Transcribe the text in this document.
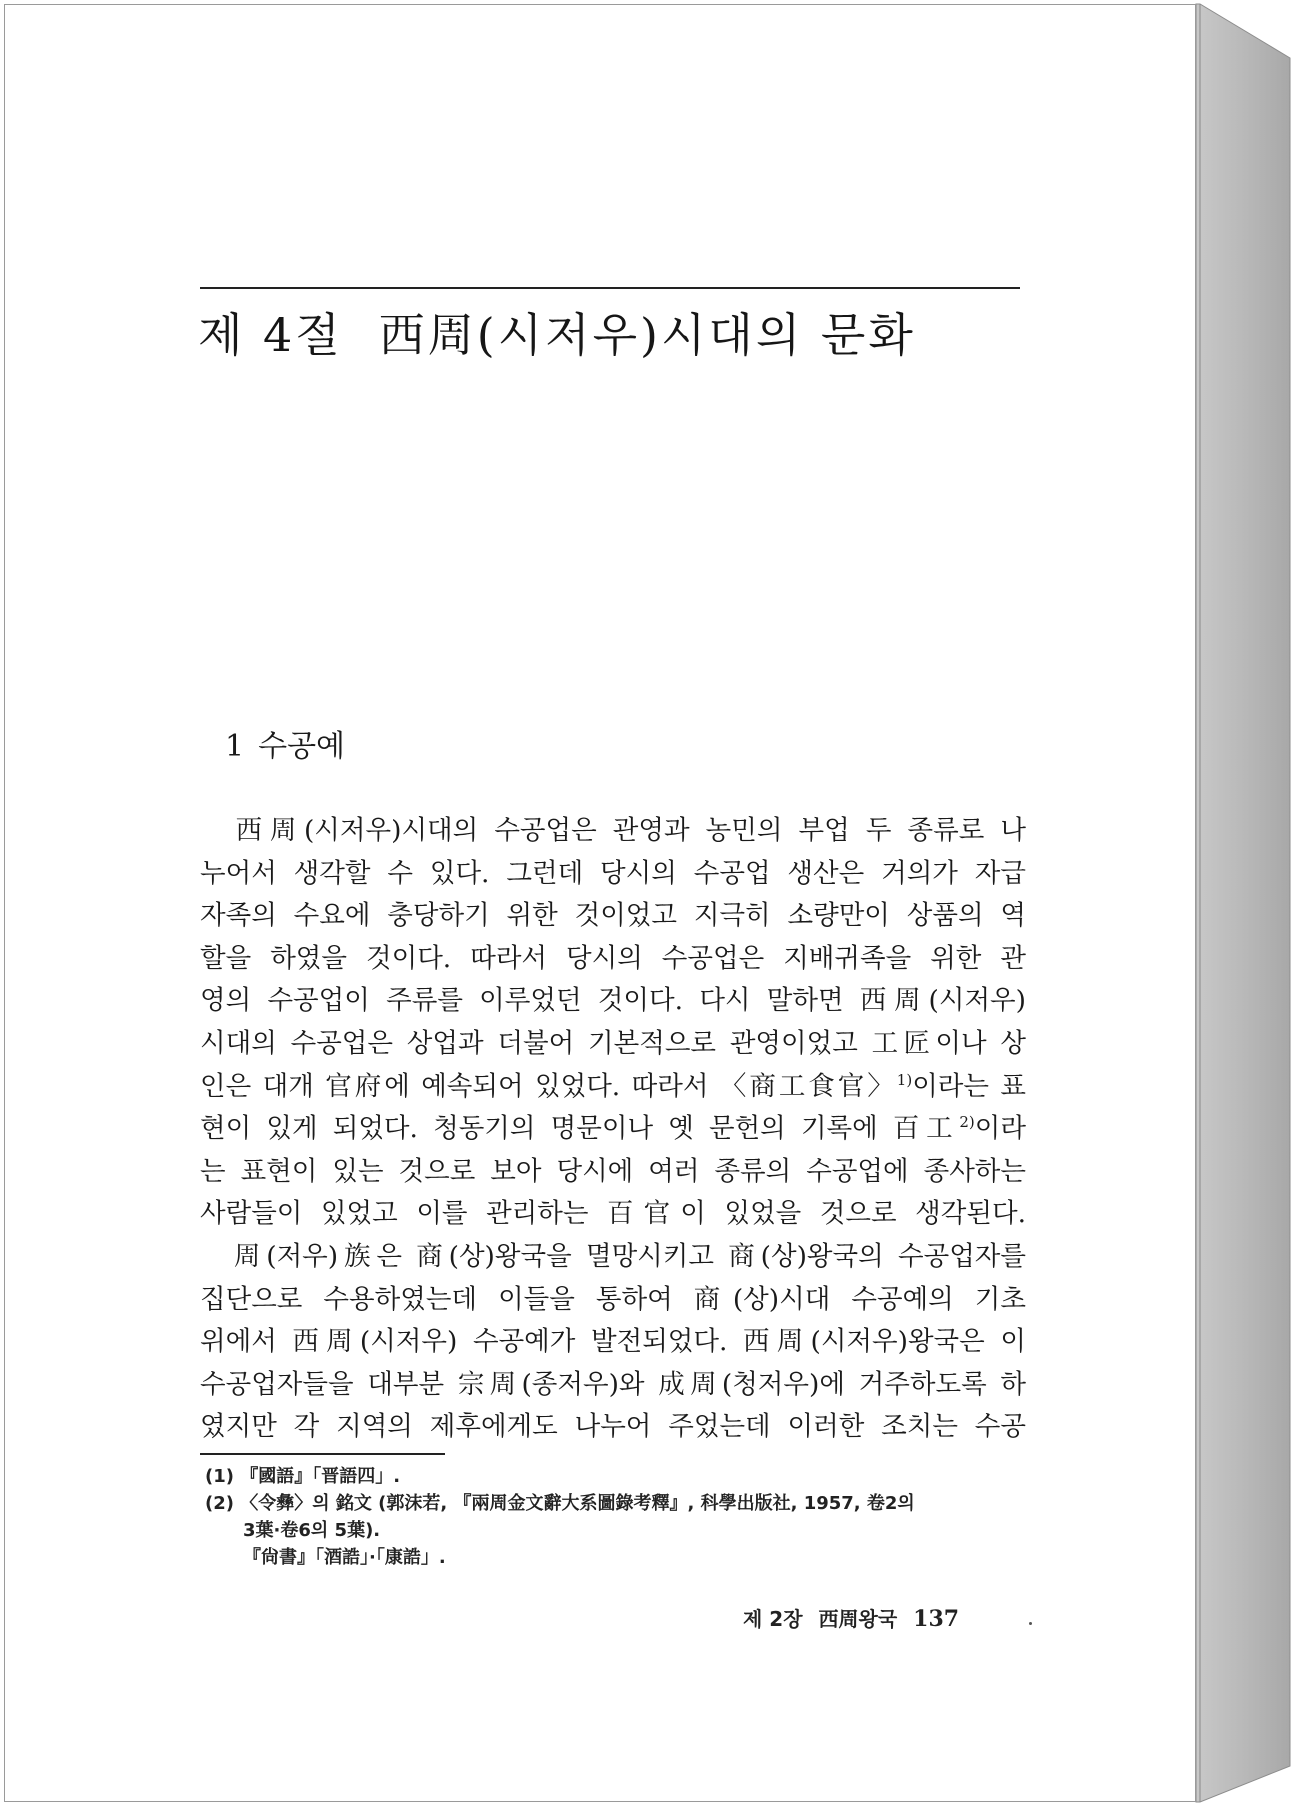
제 4절 西周(시저우)시대의 문화
1 수공예

西周(시저우)시대의 수공업은 관영과 농민의 부업 두 종류로 나

누어서 생각할 수 있다. 그런데 당시의 수공업 생산은 거의가 자급

자족의 수요에 충당하기 위한 것이었고 지극히 소량만이 상품의 역

할을 하였을 것이다. 따라서 당시의 수공업은 지배귀족을 위한 관

영의 수공업이 주류를 이루었던 것이다. 다시 말하면 西周(시저우)

시대의 수공업은 상업과 더불어 기본적으로 관영이었고 工匠이나 상

인은 대개 官府에 예속되어 있었다. 따라서 〈商工食官〉$^{1)}$이라는 표

현이 있게 되었다. 청동기의 명문이나 옛 문헌의 기록에 百工$^{2)}$이라

는 표현이 있는 것으로 보아 당시에 여러 종류의 수공업에 종사하는

사람들이 있었고 이를 관리하는 百官이 있었을 것으로 생각된다.

周(저우)族은 商(상)왕국을 멸망시키고 商(상)왕국의 수공업자를

집단으로 수용하였는데 이들을 통하여 商(상)시대 수공예의 기초

위에서 西周(시저우) 수공예가 발전되었다. 西周(시저우)왕국은 이

수공업자들을 대부분 宗周(종저우)와 成周(청저우)에 거주하도록 하

였지만 각 지역의 제후에게도 나누어 주었는데 이러한 조치는 수공

(1) 『國語』「晋語四」.
(2) 〈令彝〉의 銘文 (郭沫若, 『兩周金文辭大系圖錄考釋』, 科學出版社, 1957, 卷2의
3葉·卷6의 5葉).
『尙書』「酒誥」·「康誥」.
제 2장 西周왕국 137
